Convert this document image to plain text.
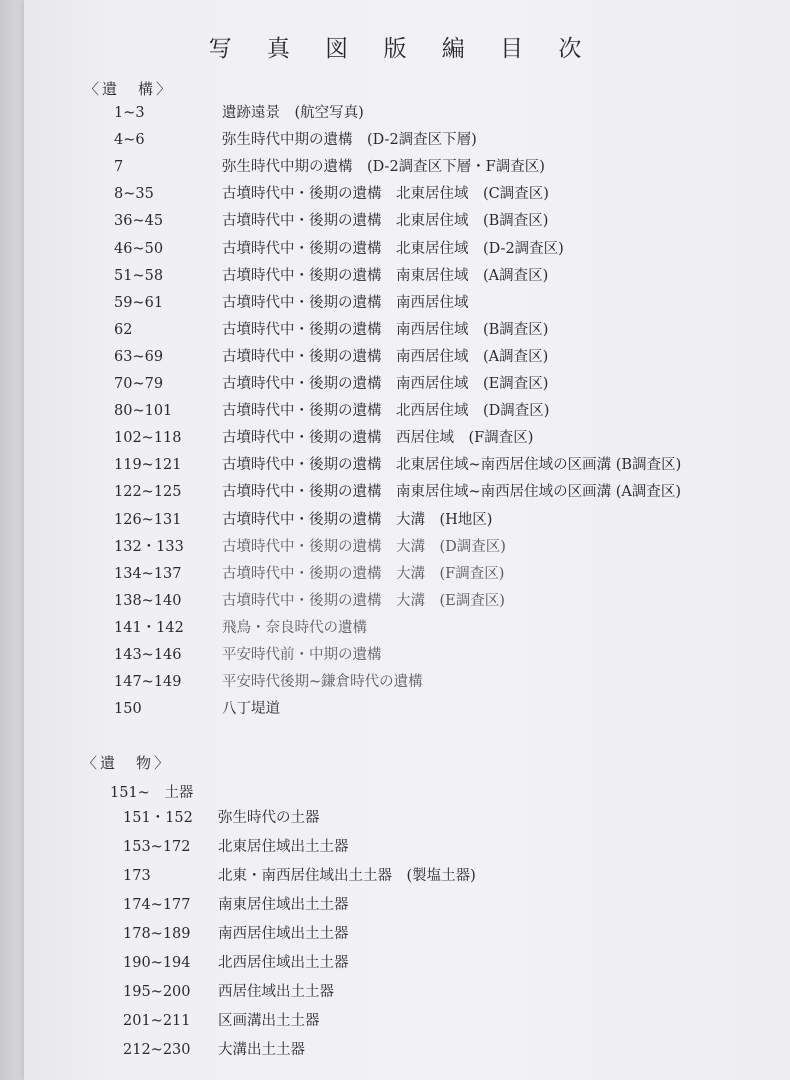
写 真 図 版 編 目 次
〈遺　構〉
1~3	遺跡遠景　(航空写真)
4~6	弥生時代中期の遺構　(D-2調査区下層)
7	弥生時代中期の遺構　(D-2調査区下層・F調査区)
8~35	古墳時代中・後期の遺構　北東居住域　(C調査区)
36~45	古墳時代中・後期の遺構　北東居住域　(B調査区)
46~50	古墳時代中・後期の遺構　北東居住域　(D-2調査区)
51~58	古墳時代中・後期の遺構　南東居住域　(A調査区)
59~61	古墳時代中・後期の遺構　南西居住域
62	古墳時代中・後期の遺構　南西居住域　(B調査区)
63~69	古墳時代中・後期の遺構　南西居住域　(A調査区)
70~79	古墳時代中・後期の遺構　南西居住域　(E調査区)
80~101	古墳時代中・後期の遺構　北西居住域　(D調査区)
102~118	古墳時代中・後期の遺構　西居住域　(F調査区)
119~121	古墳時代中・後期の遺構　北東居住域~南西居住域の区画溝 (B調査区)
122~125	古墳時代中・後期の遺構　南東居住域~南西居住域の区画溝 (A調査区)
126~131	古墳時代中・後期の遺構　大溝　(H地区)
132・133	古墳時代中・後期の遺構　大溝　(D調査区)
134~137	古墳時代中・後期の遺構　大溝　(F調査区)
138~140	古墳時代中・後期の遺構　大溝　(E調査区)
141・142	飛鳥・奈良時代の遺構
143~146	平安時代前・中期の遺構
147~149	平安時代後期~鎌倉時代の遺構
150	八丁堤道
〈遺　物〉
151~　土器
151・152 弥生時代の土器
153~172 北東居住域出土土器
173	北東・南西居住域出土土器　(製塩土器)
174~177 南東居住域出土土器
178~189 南西居住域出土土器
190~194 北西居住域出土土器
195~200 西居住域出土土器
201~211 区画溝出土土器
212~230 大溝出土土器
